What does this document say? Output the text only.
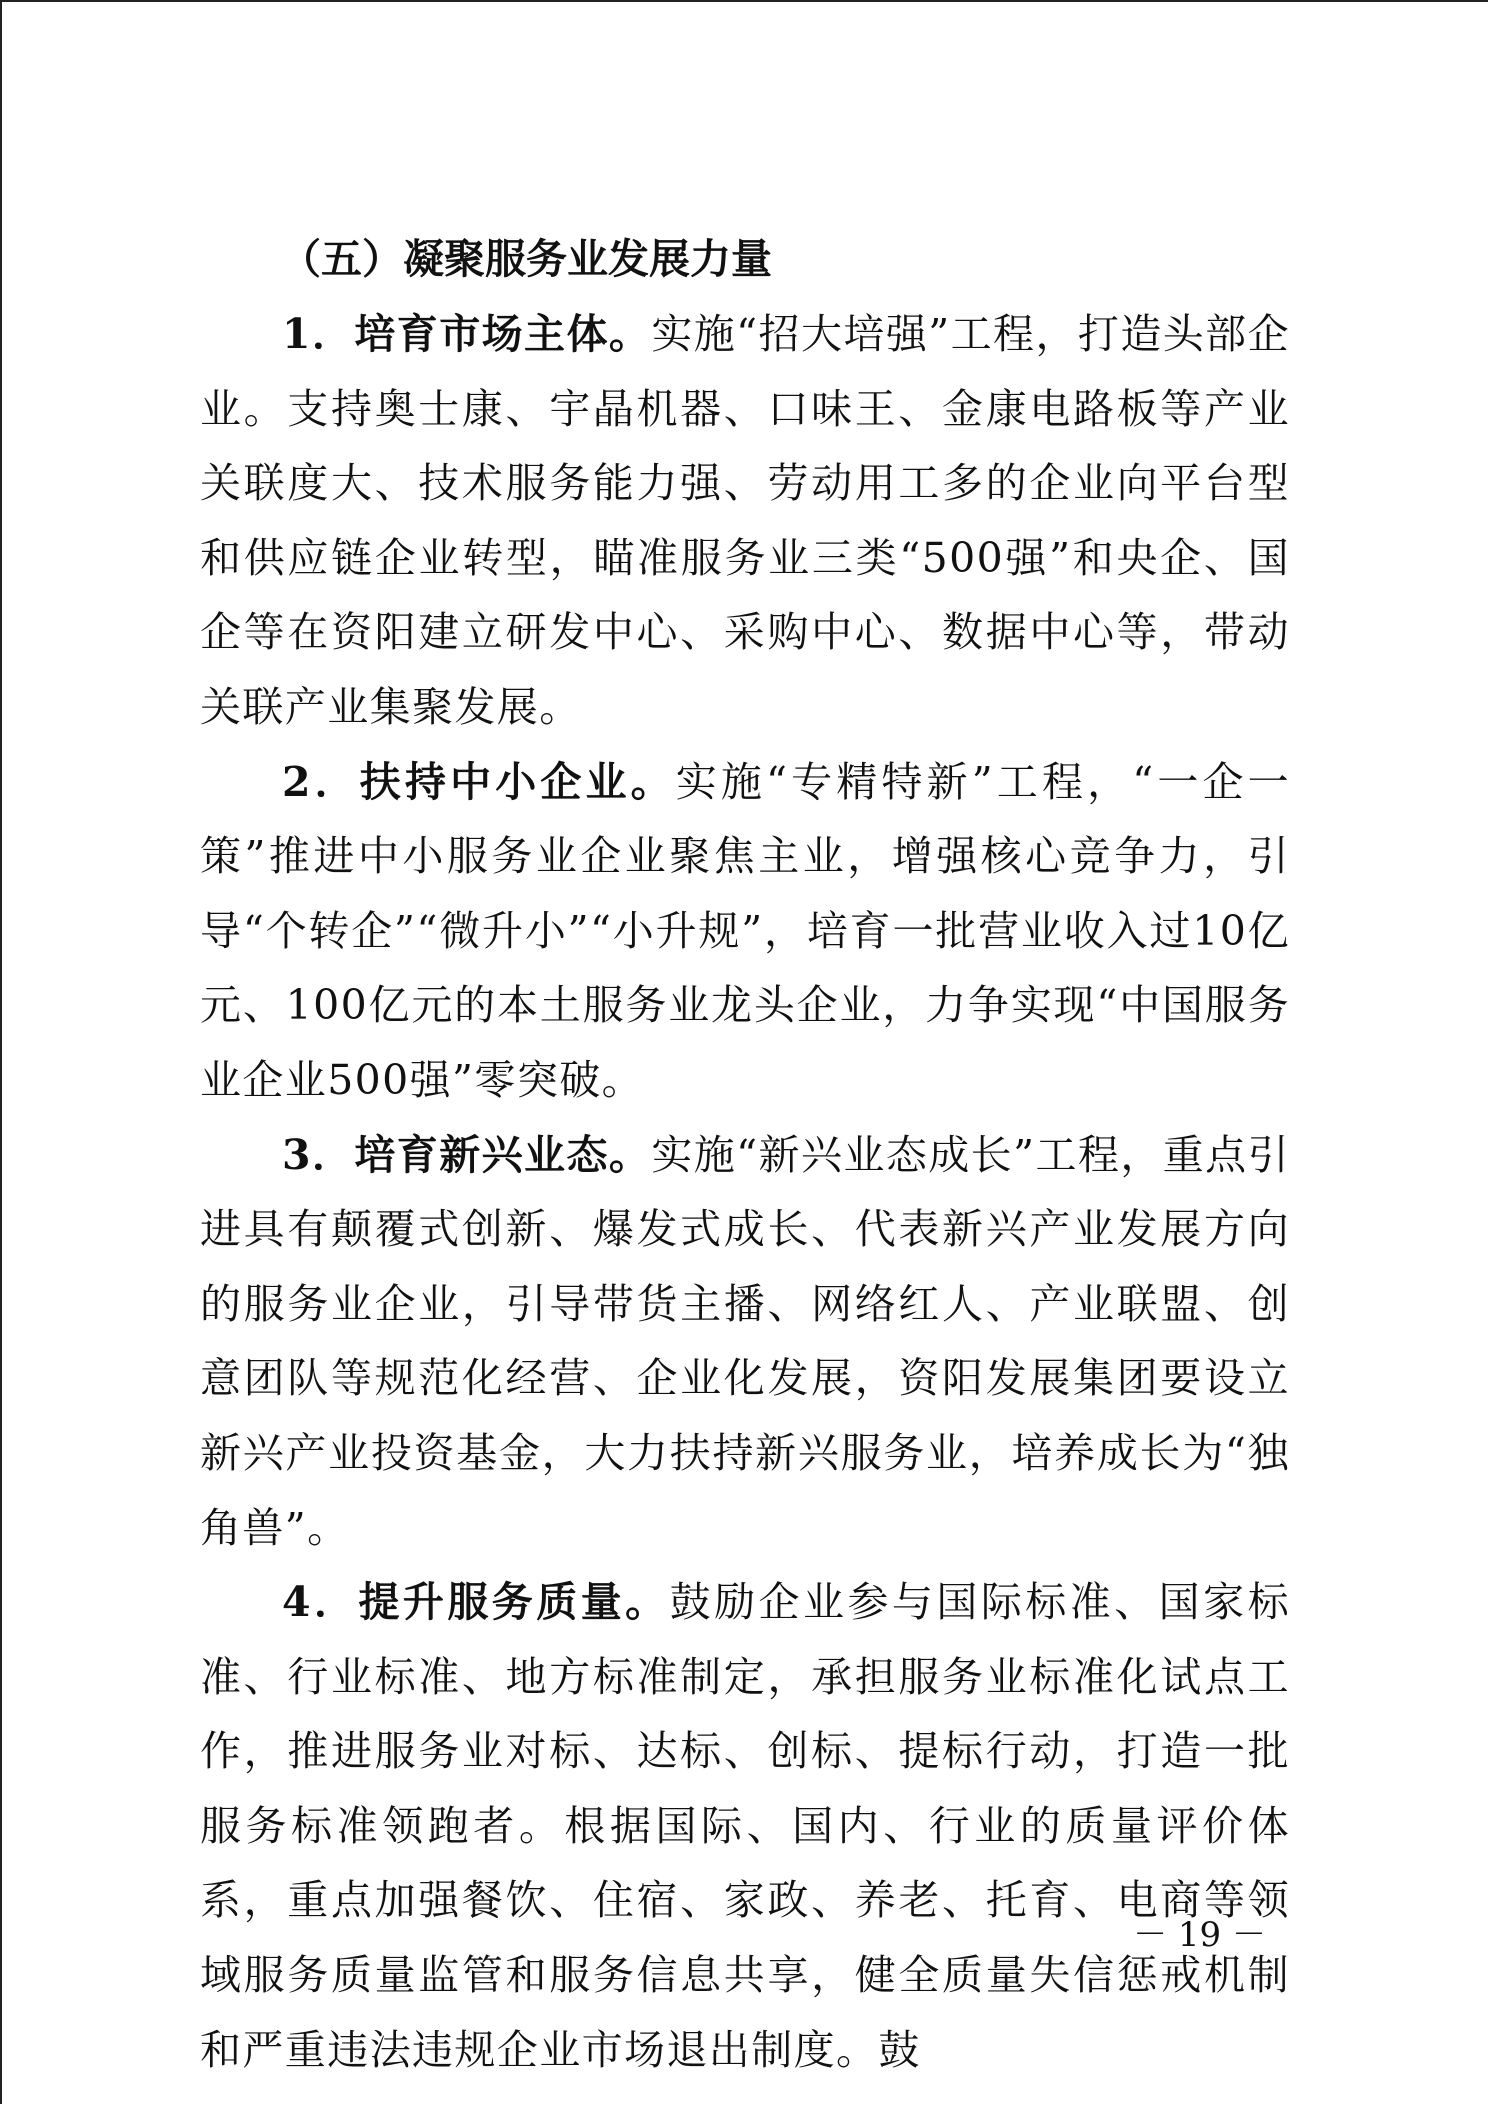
（五）凝聚服务业发展力量

1．培育市场主体。实施“招大培强”工程，打造头部企业。支持奥士康、宇晶机器、口味王、金康电路板等产业关联度大、技术服务能力强、劳动用工多的企业向平台型和供应链企业转型，瞄准服务业三类“500强”和央企、国企等在资阳建立研发中心、采购中心、数据中心等，带动关联产业集聚发展。

2．扶持中小企业。实施“专精特新”工程，“一企一策”推进中小服务业企业聚焦主业，增强核心竞争力，引导“个转企”“微升小”“小升规”，培育一批营业收入过10亿元、100亿元的本土服务业龙头企业，力争实现“中国服务业企业500强”零突破。

3．培育新兴业态。实施“新兴业态成长”工程，重点引进具有颠覆式创新、爆发式成长、代表新兴产业发展方向的服务业企业，引导带货主播、网络红人、产业联盟、创意团队等规范化经营、企业化发展，资阳发展集团要设立新兴产业投资基金，大力扶持新兴服务业，培养成长为“独角兽”。

4．提升服务质量。鼓励企业参与国际标准、国家标准、行业标准、地方标准制定，承担服务业标准化试点工作，推进服务业对标、达标、创标、提标行动，打造一批服务标准领跑者。根据国际、国内、行业的质量评价体系，重点加强餐饮、住宿、家政、养老、托育、电商等领域服务质量监管和服务信息共享，健全质量失信惩戒机制和严重违法违规企业市场退出制度。鼓

－ 19 －
